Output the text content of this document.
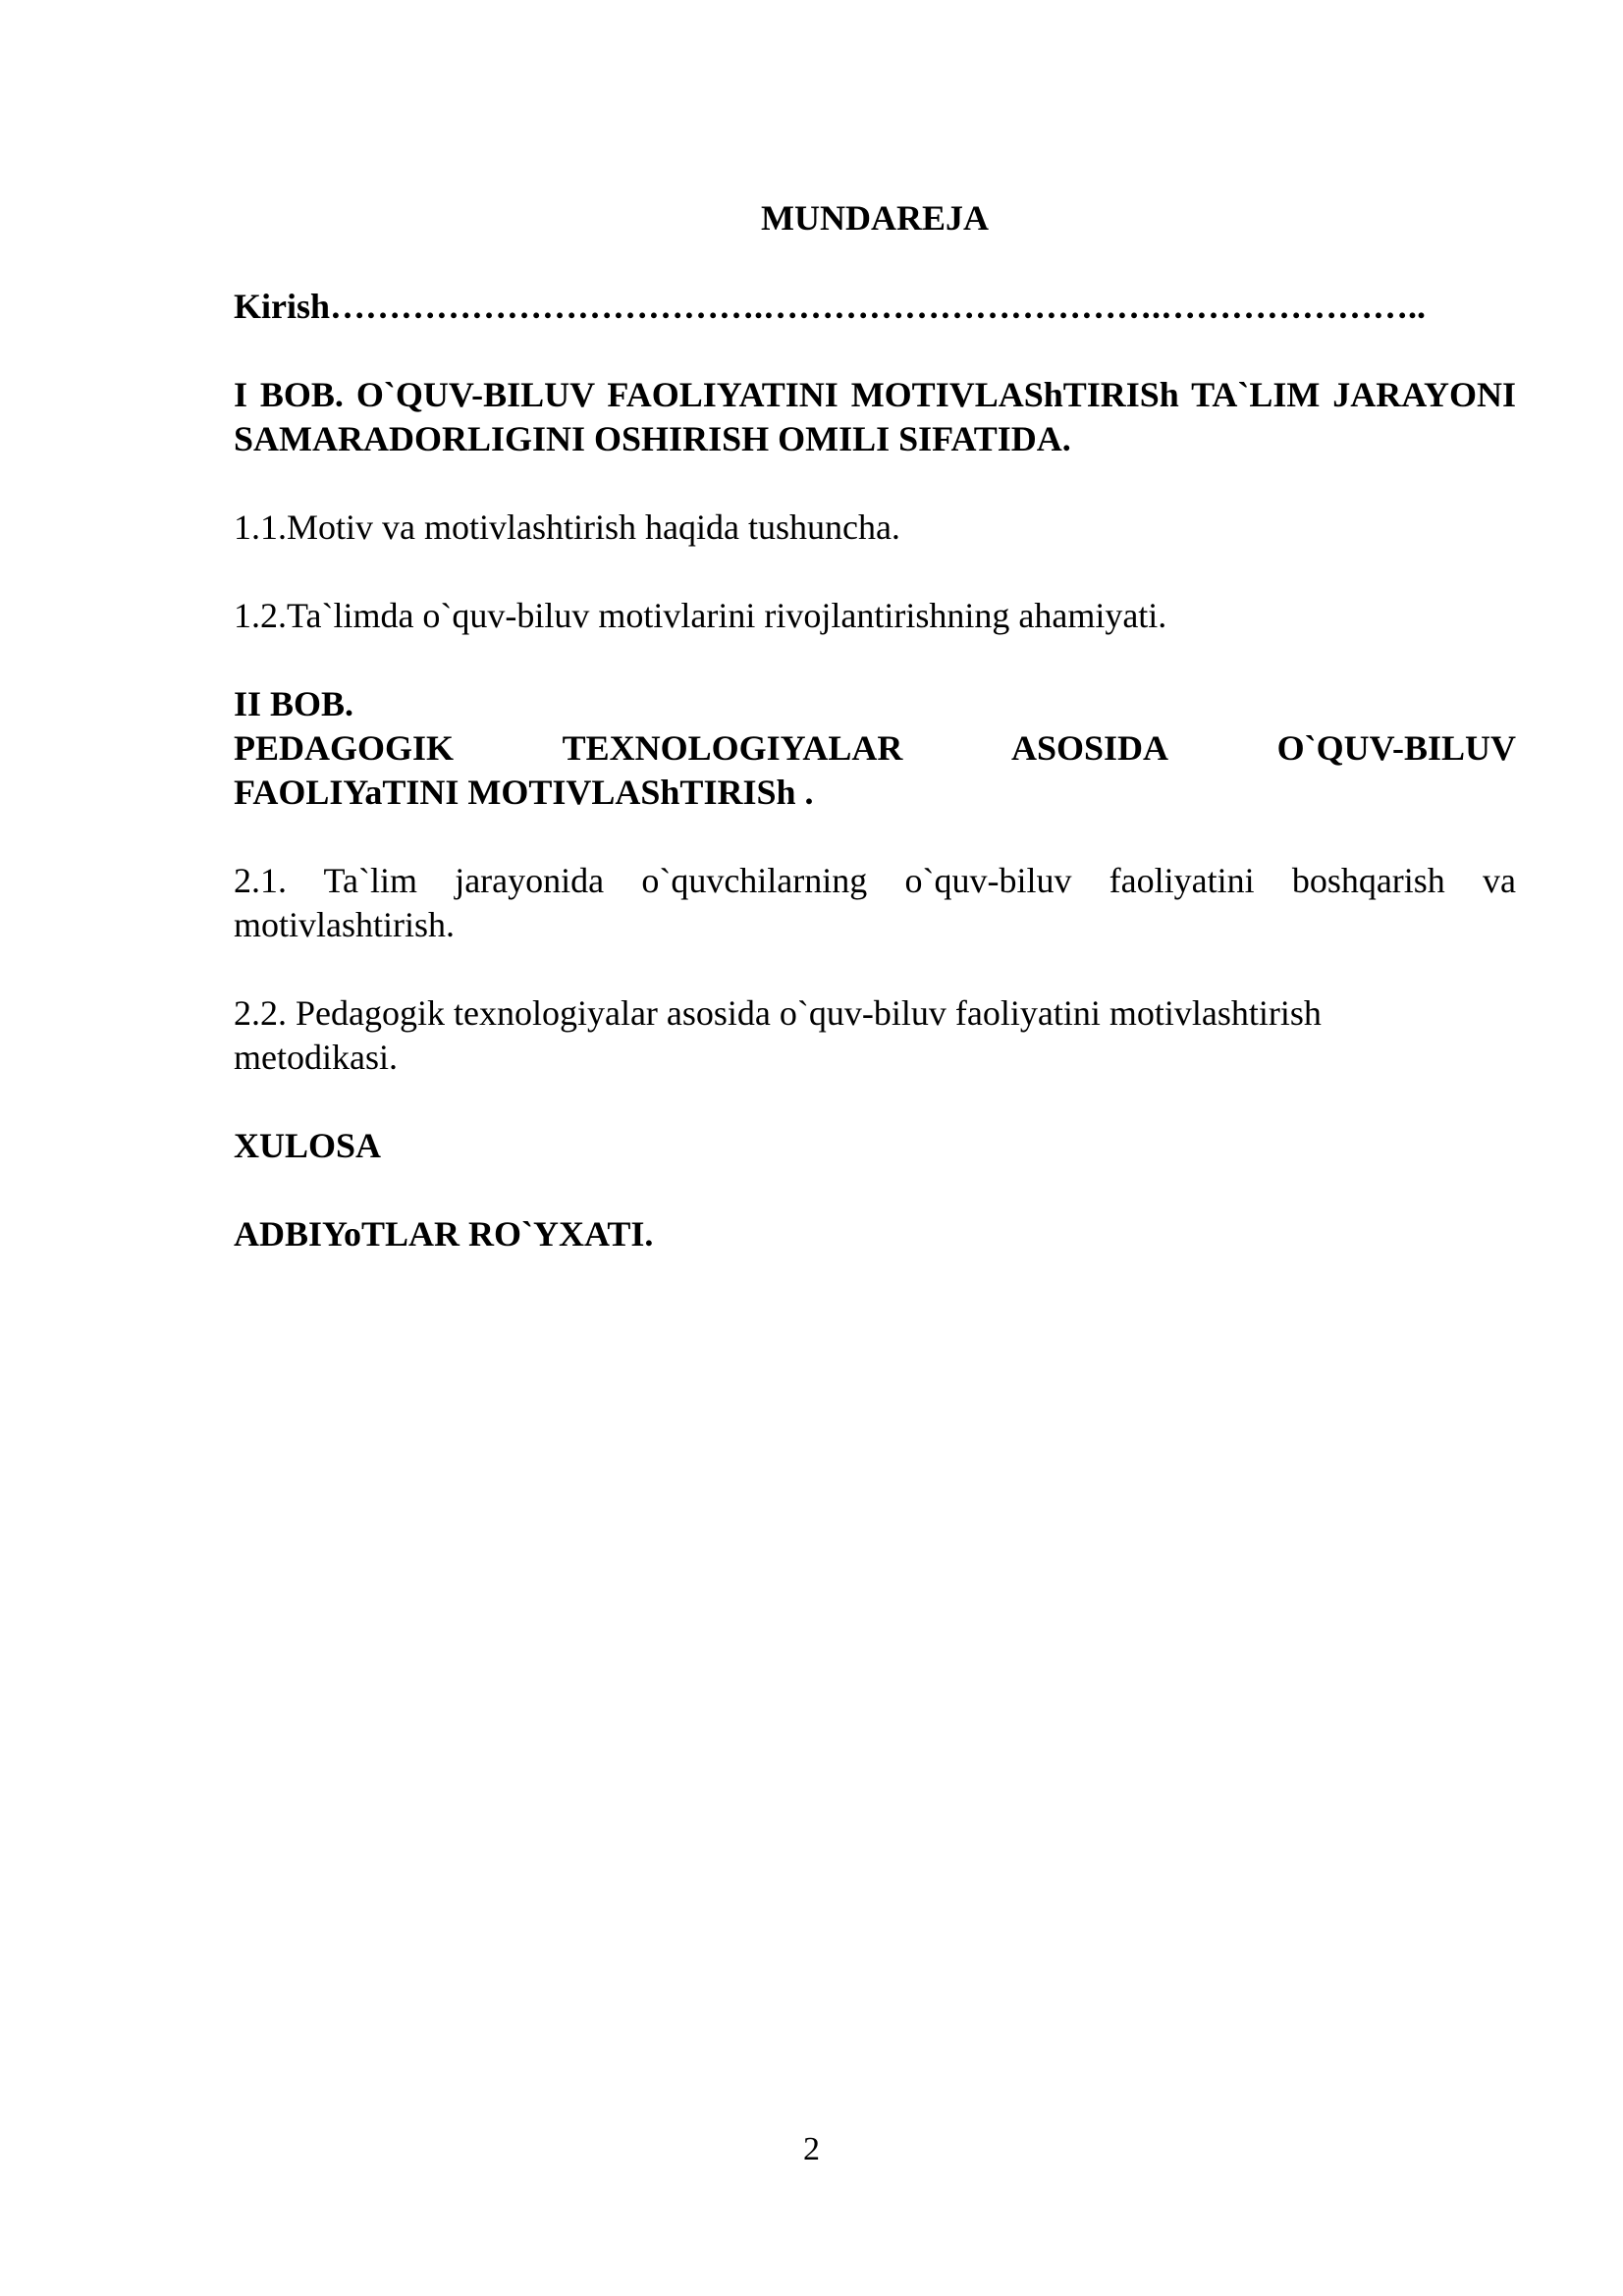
MUNDAREJA
Kirish……………………………….…………………………….…………………..
I BOB. O`QUV-BILUV FAOLIYATINI MOTIVLAShTIRISh TA`LIM JARAYONI SAMARADORLIGINI OSHIRISH OMILI SIFATIDA.
1.1.Motiv va motivlashtirish haqida tushuncha.
1.2.Ta`limda o`quv-biluv motivlarini rivojlantirishning ahamiyati.
II BOB.
PEDAGOGIK	TEXNOLOGIYALAR	ASOSIDA	O`QUV-BILUV
FAOLIYaTINI MOTIVLAShTIRISh .
2.1. Ta`lim jarayonida o`quvchilarning o`quv-biluv faoliyatini boshqarish va motivlashtirish.
2.2. Pedagogik texnologiyalar asosida o`quv-biluv faoliyatini motivlashtirish
metodikasi.
XULOSA
ADBIYoTLAR RO`YXATI.
2
